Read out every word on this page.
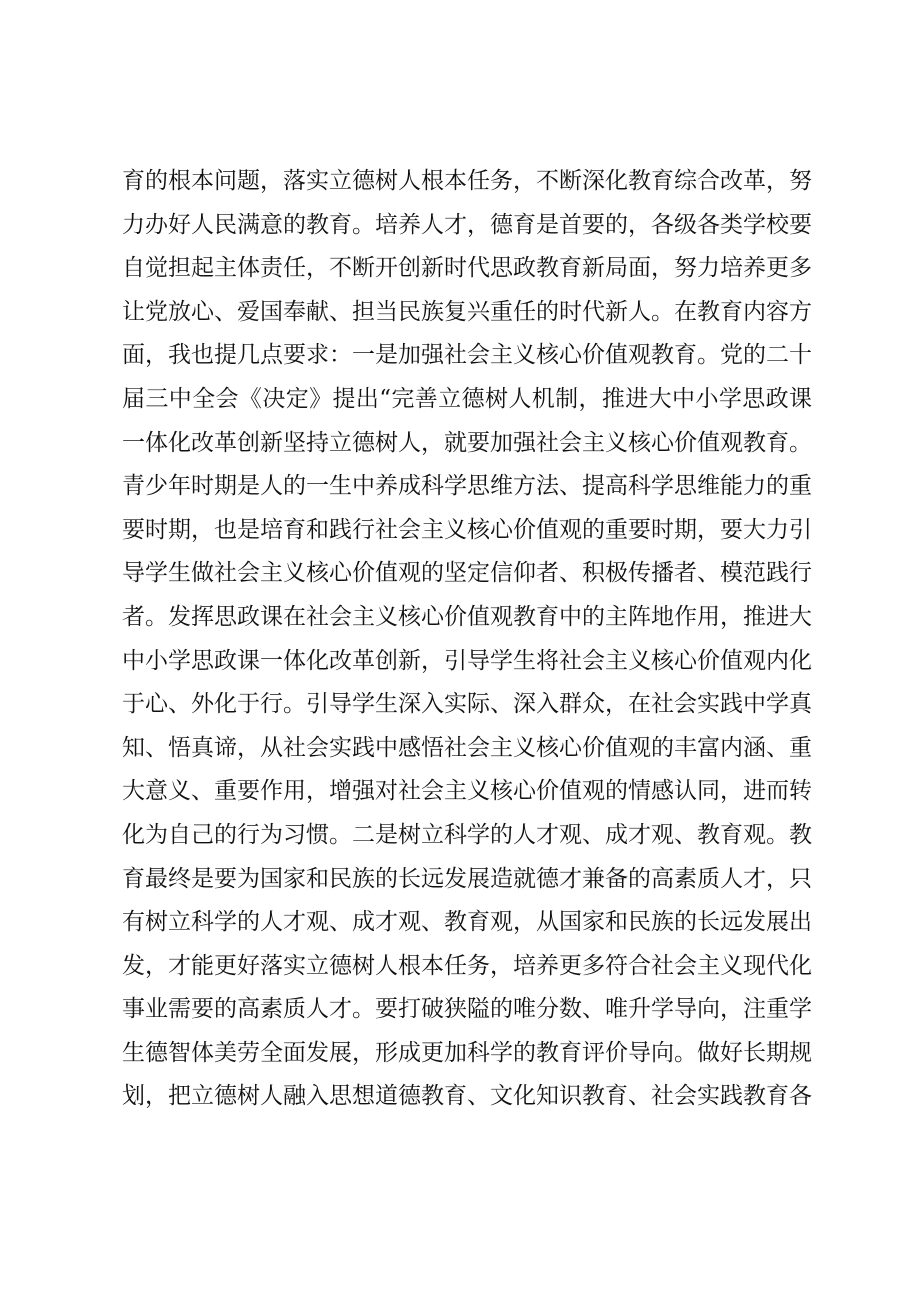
育的根本问题，落实立德树人根本任务，不断深化教育综合改革，努
力办好人民满意的教育。培养人才，德育是首要的，各级各类学校要
自觉担起主体责任，不断开创新时代思政教育新局面，努力培养更多
让党放心、爱国奉献、担当民族复兴重任的时代新人。在教育内容方
面，我也提几点要求：一是加强社会主义核心价值观教育。党的二十
届三中全会《决定》提出“完善立德树人机制，推进大中小学思政课
一体化改革创新坚持立德树人，就要加强社会主义核心价值观教育。
青少年时期是人的一生中养成科学思维方法、提高科学思维能力的重
要时期，也是培育和践行社会主义核心价值观的重要时期，要大力引
导学生做社会主义核心价值观的坚定信仰者、积极传播者、模范践行
者。发挥思政课在社会主义核心价值观教育中的主阵地作用，推进大
中小学思政课一体化改革创新，引导学生将社会主义核心价值观内化
于心、外化于行。引导学生深入实际、深入群众，在社会实践中学真
知、悟真谛，从社会实践中感悟社会主义核心价值观的丰富内涵、重
大意义、重要作用，增强对社会主义核心价值观的情感认同，进而转
化为自己的行为习惯。二是树立科学的人才观、成才观、教育观。教
育最终是要为国家和民族的长远发展造就德才兼备的高素质人才，只
有树立科学的人才观、成才观、教育观，从国家和民族的长远发展出
发，才能更好落实立德树人根本任务，培养更多符合社会主义现代化
事业需要的高素质人才。要打破狭隘的唯分数、唯升学导向，注重学
生德智体美劳全面发展，形成更加科学的教育评价导向。做好长期规
划，把立德树人融入思想道德教育、文化知识教育、社会实践教育各
